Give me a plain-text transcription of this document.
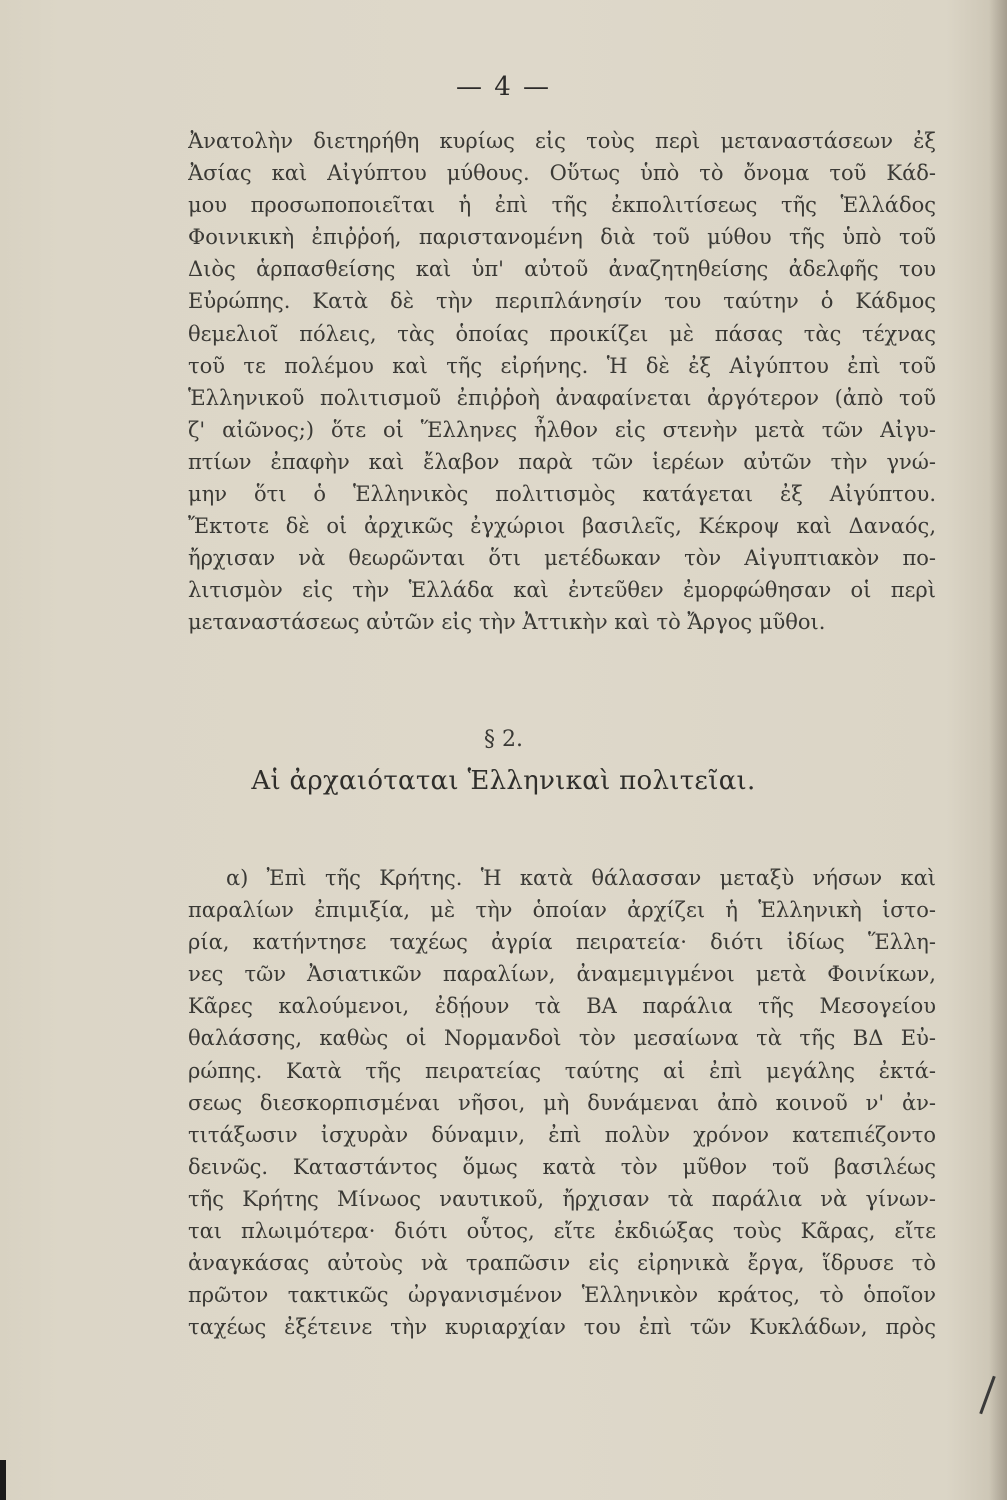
— 4 —
Ἀνατολὴν διετηρήθη κυρίως εἰς τοὺς περὶ μεταναστάσεων ἐξ
Ἀσίας καὶ Αἰγύπτου μύθους. Οὕτως ὑπὸ τὸ ὄνομα τοῦ Κάδ-
μου προσωποποιεῖται ἡ ἐπὶ τῆς ἐκπολιτίσεως τῆς Ἑλλάδος
Φοινικικὴ ἐπιῤῥοή, παριστανομένη διὰ τοῦ μύθου τῆς ὑπὸ τοῦ
Διὸς ἁρπασθείσης καὶ ὑπ' αὐτοῦ ἀναζητηθείσης ἀδελφῆς του
Εὐρώπης. Κατὰ δὲ τὴν περιπλάνησίν του ταύτην ὁ Κάδμος
θεμελιοῖ πόλεις, τὰς ὁποίας προικίζει μὲ πάσας τὰς τέχνας
τοῦ τε πολέμου καὶ τῆς εἰρήνης. Ἡ δὲ ἐξ Αἰγύπτου ἐπὶ τοῦ
Ἑλληνικοῦ πολιτισμοῦ ἐπιῤῥοὴ ἀναφαίνεται ἀργότερον (ἀπὸ τοῦ
ζ' αἰῶνος;) ὅτε οἱ Ἕλληνες ἦλθον εἰς στενὴν μετὰ τῶν Αἰγυ-
πτίων ἐπαφὴν καὶ ἔλαβον παρὰ τῶν ἱερέων αὐτῶν τὴν γνώ-
μην ὅτι ὁ Ἑλληνικὸς πολιτισμὸς κατάγεται ἐξ Αἰγύπτου.
Ἔκτοτε δὲ οἱ ἀρχικῶς ἐγχώριοι βασιλεῖς, Κέκροψ καὶ Δαναός,
ἤρχισαν νὰ θεωρῶνται ὅτι μετέδωκαν τὸν Αἰγυπτιακὸν πο-
λιτισμὸν εἰς τὴν Ἑλλάδα καὶ ἐντεῦθεν ἐμορφώθησαν οἱ περὶ
μεταναστάσεως αὐτῶν εἰς τὴν Ἀττικὴν καὶ τὸ Ἄργος μῦθοι.
§ 2.
Αἱ ἀρχαιόταται Ἑλληνικαὶ πολιτεῖαι.
α) Ἐπὶ τῆς Κρήτης. Ἡ κατὰ θάλασσαν μεταξὺ νήσων καὶ
παραλίων ἐπιμιξία, μὲ τὴν ὁποίαν ἀρχίζει ἡ Ἑλληνικὴ ἱστο-
ρία, κατήντησε ταχέως ἀγρία πειρατεία· διότι ἰδίως Ἕλλη-
νες τῶν Ἀσιατικῶν παραλίων, ἀναμεμιγμένοι μετὰ Φοινίκων,
Κᾶρες καλούμενοι, ἐδῄουν τὰ ΒΑ παράλια τῆς Μεσογείου
θαλάσσης, καθὼς οἱ Νορμανδοὶ τὸν μεσαίωνα τὰ τῆς ΒΔ Εὐ-
ρώπης. Κατὰ τῆς πειρατείας ταύτης αἱ ἐπὶ μεγάλης ἐκτά-
σεως διεσκορπισμέναι νῆσοι, μὴ δυνάμεναι ἀπὸ κοινοῦ ν' ἀν-
τιτάξωσιν ἰσχυρὰν δύναμιν, ἐπὶ πολὺν χρόνον κατεπιέζοντο
δεινῶς. Καταστάντος ὅμως κατὰ τὸν μῦθον τοῦ βασιλέως
τῆς Κρήτης Μίνωος ναυτικοῦ, ἤρχισαν τὰ παράλια νὰ γίνων-
ται πλωιμότερα· διότι οὗτος, εἴτε ἐκδιώξας τοὺς Κᾶρας, εἴτε
ἀναγκάσας αὐτοὺς νὰ τραπῶσιν εἰς εἰρηνικὰ ἔργα, ἵδρυσε τὸ
πρῶτον τακτικῶς ὠργανισμένον Ἑλληνικὸν κράτος, τὸ ὁποῖον
ταχέως ἐξέτεινε τὴν κυριαρχίαν του ἐπὶ τῶν Κυκλάδων, πρὸς
